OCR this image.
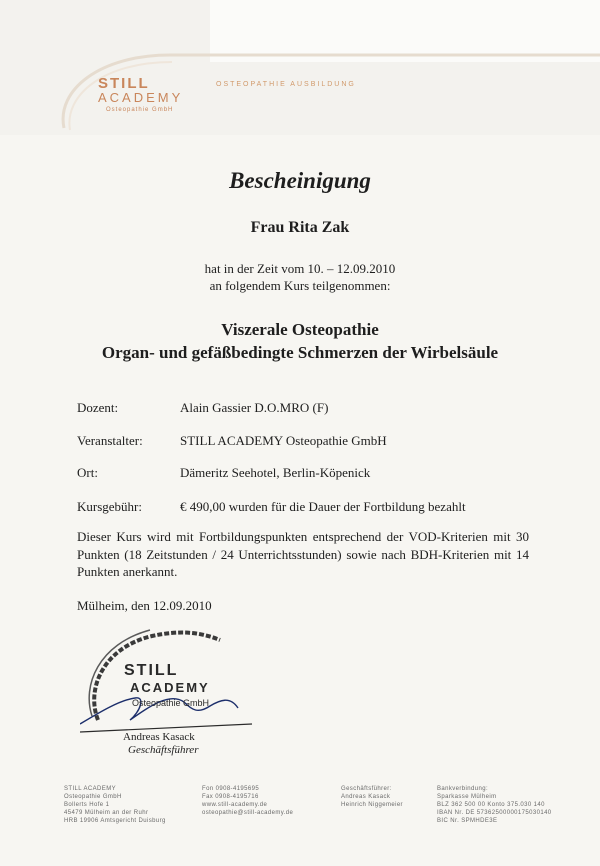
STILL
ACADEMY
Osteopathie GmbH
OSTEOPATHIE AUSBILDUNG
Bescheinigung
Frau Rita Zak
hat in der Zeit vom 10. – 12.09.2010
an folgendem Kurs teilgenommen:
Viszerale Osteopathie
Organ- und gefäßbedingte Schmerzen der Wirbelsäule
Dozent:	Alain Gassier D.O.MRO (F)
Veranstalter:	STILL ACADEMY Osteopathie GmbH
Ort:	Dämeritz Seehotel, Berlin-Köpenick
Kursgebühr:	€ 490,00 wurden für die Dauer der Fortbildung bezahlt
Dieser Kurs wird mit Fortbildungspunkten entsprechend der VOD-Kriterien mit 30 Punkten (18 Zeitstunden / 24 Unterrichtsstunden) sowie nach BDH-Kriterien mit 14 Punkten anerkannt.
Mülheim, den 12.09.2010
STILL
ACADEMY
Osteopathie GmbH
Andreas Kasack
Geschäftsführer
STILL ACADEMY
Osteopathie GmbH
Bollerts Hofe 1
45479 Mülheim an der Ruhr
HRB 19906 Amtsgericht Duisburg
Fon 0908-4195695
Fax 0908-4195716
www.still-academy.de
osteopathie@still-academy.de
Geschäftsführer:
Andreas Kasack
Heinrich Niggemeier
Bankverbindung:
Sparkasse Mülheim
BLZ 362 500 00 Konto 375.030 140
IBAN Nr. DE 57362500000175030140
BIC Nr. SPMHDE3E
